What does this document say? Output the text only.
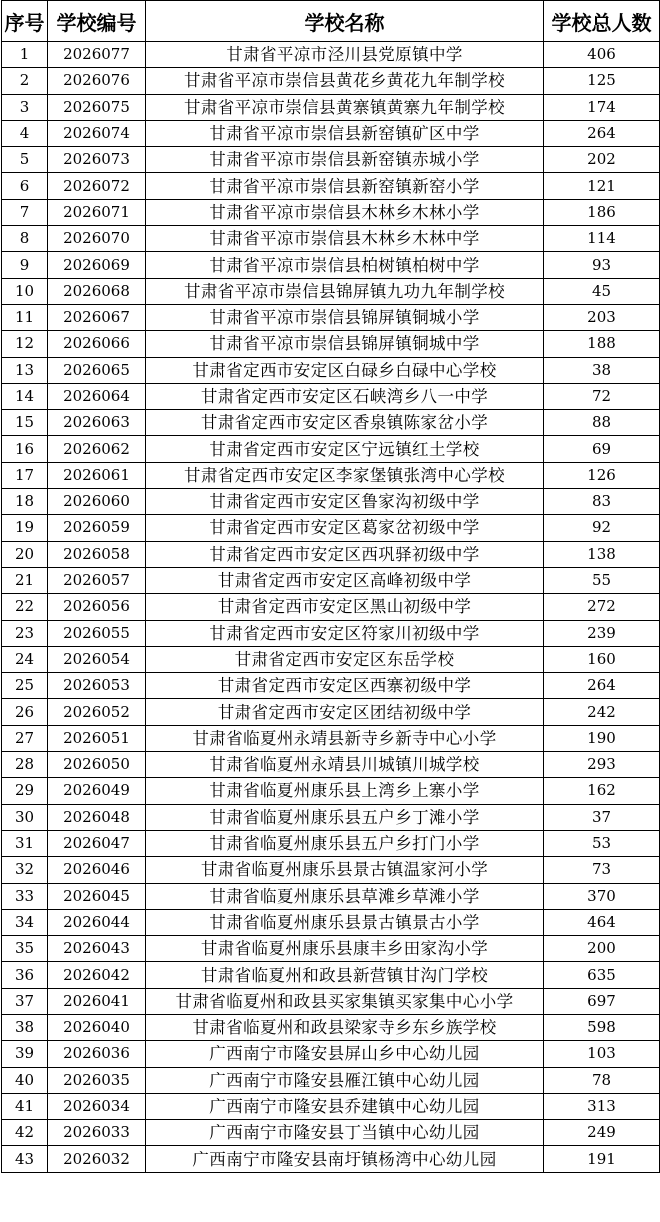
序号	学校编号	学校名称	学校总人数
1	2026077	甘肃省平凉市泾川县党原镇中学	406
2	2026076	甘肃省平凉市崇信县黄花乡黄花九年制学校	125
3	2026075	甘肃省平凉市崇信县黄寨镇黄寨九年制学校	174
4	2026074	甘肃省平凉市崇信县新窑镇矿区中学	264
5	2026073	甘肃省平凉市崇信县新窑镇赤城小学	202
6	2026072	甘肃省平凉市崇信县新窑镇新窑小学	121
7	2026071	甘肃省平凉市崇信县木林乡木林小学	186
8	2026070	甘肃省平凉市崇信县木林乡木林中学	114
9	2026069	甘肃省平凉市崇信县柏树镇柏树中学	93
10	2026068	甘肃省平凉市崇信县锦屏镇九功九年制学校	45
11	2026067	甘肃省平凉市崇信县锦屏镇铜城小学	203
12	2026066	甘肃省平凉市崇信县锦屏镇铜城中学	188
13	2026065	甘肃省定西市安定区白碌乡白碌中心学校	38
14	2026064	甘肃省定西市安定区石峡湾乡八一中学	72
15	2026063	甘肃省定西市安定区香泉镇陈家岔小学	88
16	2026062	甘肃省定西市安定区宁远镇红土学校	69
17	2026061	甘肃省定西市安定区李家堡镇张湾中心学校	126
18	2026060	甘肃省定西市安定区鲁家沟初级中学	83
19	2026059	甘肃省定西市安定区葛家岔初级中学	92
20	2026058	甘肃省定西市安定区西巩驿初级中学	138
21	2026057	甘肃省定西市安定区高峰初级中学	55
22	2026056	甘肃省定西市安定区黑山初级中学	272
23	2026055	甘肃省定西市安定区符家川初级中学	239
24	2026054	甘肃省定西市安定区东岳学校	160
25	2026053	甘肃省定西市安定区西寨初级中学	264
26	2026052	甘肃省定西市安定区团结初级中学	242
27	2026051	甘肃省临夏州永靖县新寺乡新寺中心小学	190
28	2026050	甘肃省临夏州永靖县川城镇川城学校	293
29	2026049	甘肃省临夏州康乐县上湾乡上寨小学	162
30	2026048	甘肃省临夏州康乐县五户乡丁滩小学	37
31	2026047	甘肃省临夏州康乐县五户乡打门小学	53
32	2026046	甘肃省临夏州康乐县景古镇温家河小学	73
33	2026045	甘肃省临夏州康乐县草滩乡草滩小学	370
34	2026044	甘肃省临夏州康乐县景古镇景古小学	464
35	2026043	甘肃省临夏州康乐县康丰乡田家沟小学	200
36	2026042	甘肃省临夏州和政县新营镇甘沟门学校	635
37	2026041	甘肃省临夏州和政县买家集镇买家集中心小学	697
38	2026040	甘肃省临夏州和政县梁家寺乡东乡族学校	598
39	2026036	广西南宁市隆安县屏山乡中心幼儿园	103
40	2026035	广西南宁市隆安县雁江镇中心幼儿园	78
41	2026034	广西南宁市隆安县乔建镇中心幼儿园	313
42	2026033	广西南宁市隆安县丁当镇中心幼儿园	249
43	2026032	广西南宁市隆安县南圩镇杨湾中心幼儿园	191
